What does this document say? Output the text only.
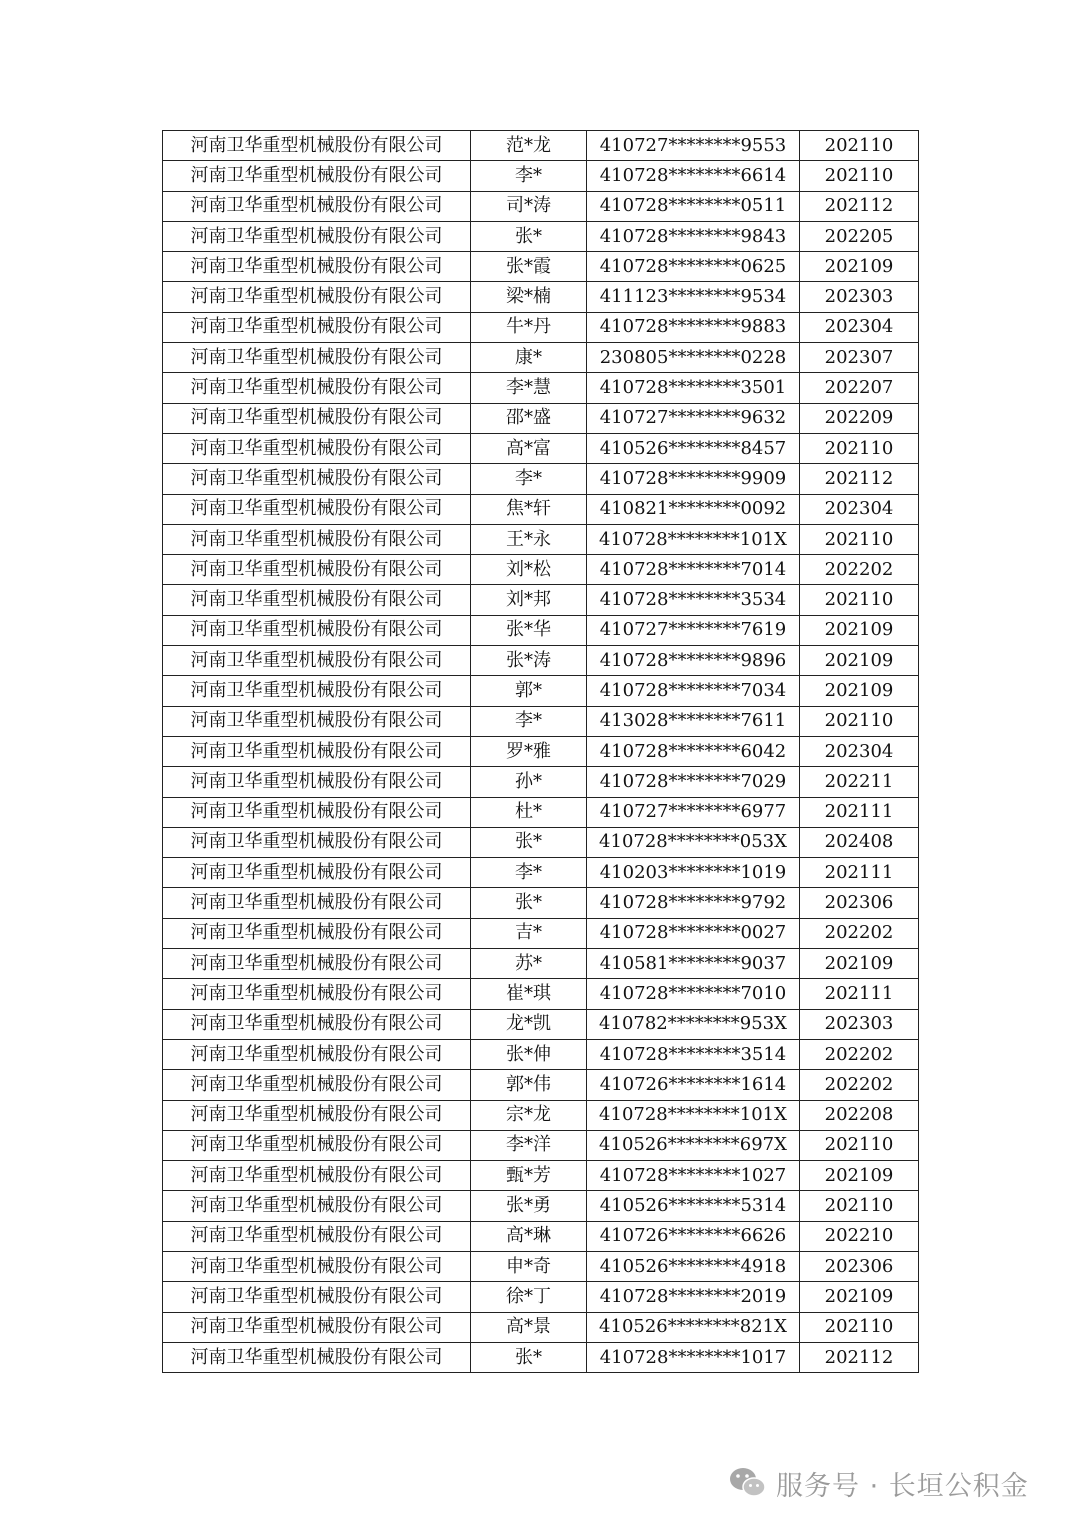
河南卫华重型机械股份有限公司	范*龙	410727********9553	202110
河南卫华重型机械股份有限公司	李*	410728********6614	202110
河南卫华重型机械股份有限公司	司*涛	410728********0511	202112
河南卫华重型机械股份有限公司	张*	410728********9843	202205
河南卫华重型机械股份有限公司	张*霞	410728********0625	202109
河南卫华重型机械股份有限公司	梁*楠	411123********9534	202303
河南卫华重型机械股份有限公司	牛*丹	410728********9883	202304
河南卫华重型机械股份有限公司	康*	230805********0228	202307
河南卫华重型机械股份有限公司	李*慧	410728********3501	202207
河南卫华重型机械股份有限公司	邵*盛	410727********9632	202209
河南卫华重型机械股份有限公司	高*富	410526********8457	202110
河南卫华重型机械股份有限公司	李*	410728********9909	202112
河南卫华重型机械股份有限公司	焦*轩	410821********0092	202304
河南卫华重型机械股份有限公司	王*永	410728********101X	202110
河南卫华重型机械股份有限公司	刘*松	410728********7014	202202
河南卫华重型机械股份有限公司	刘*邦	410728********3534	202110
河南卫华重型机械股份有限公司	张*华	410727********7619	202109
河南卫华重型机械股份有限公司	张*涛	410728********9896	202109
河南卫华重型机械股份有限公司	郭*	410728********7034	202109
河南卫华重型机械股份有限公司	李*	413028********7611	202110
河南卫华重型机械股份有限公司	罗*雅	410728********6042	202304
河南卫华重型机械股份有限公司	孙*	410728********7029	202211
河南卫华重型机械股份有限公司	杜*	410727********6977	202111
河南卫华重型机械股份有限公司	张*	410728********053X	202408
河南卫华重型机械股份有限公司	李*	410203********1019	202111
河南卫华重型机械股份有限公司	张*	410728********9792	202306
河南卫华重型机械股份有限公司	吉*	410728********0027	202202
河南卫华重型机械股份有限公司	苏*	410581********9037	202109
河南卫华重型机械股份有限公司	崔*琪	410728********7010	202111
河南卫华重型机械股份有限公司	龙*凯	410782********953X	202303
河南卫华重型机械股份有限公司	张*伸	410728********3514	202202
河南卫华重型机械股份有限公司	郭*伟	410726********1614	202202
河南卫华重型机械股份有限公司	宗*龙	410728********101X	202208
河南卫华重型机械股份有限公司	李*洋	410526********697X	202110
河南卫华重型机械股份有限公司	甄*芳	410728********1027	202109
河南卫华重型机械股份有限公司	张*勇	410526********5314	202110
河南卫华重型机械股份有限公司	高*琳	410726********6626	202210
河南卫华重型机械股份有限公司	申*奇	410526********4918	202306
河南卫华重型机械股份有限公司	徐*丁	410728********2019	202109
河南卫华重型机械股份有限公司	高*景	410526********821X	202110
河南卫华重型机械股份有限公司	张*	410728********1017	202112
服务号 · 长垣公积金
